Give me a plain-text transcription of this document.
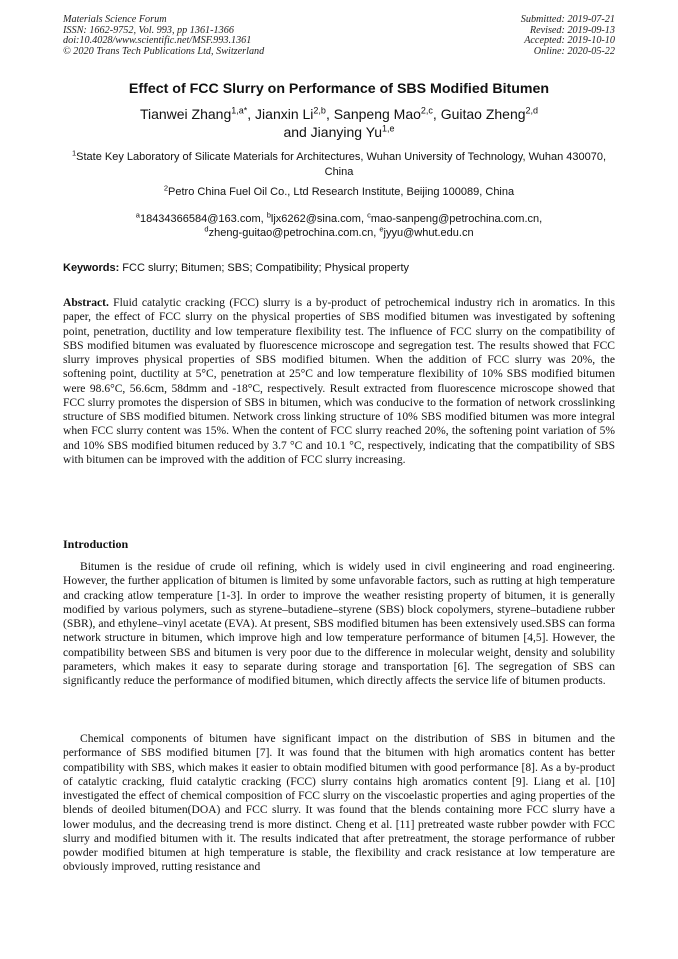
Materials Science Forum
ISSN: 1662-9752, Vol. 993, pp 1361-1366
doi:10.4028/www.scientific.net/MSF.993.1361
© 2020 Trans Tech Publications Ltd, Switzerland
Submitted: 2019-07-21
Revised: 2019-09-13
Accepted: 2019-10-10
Online: 2020-05-22
Effect of FCC Slurry on Performance of SBS Modified Bitumen
Tianwei Zhang$^{1,a*}$, Jianxin Li$^{2,b}$, Sanpeng Mao$^{2,c}$, Guitao Zheng$^{2,d}$
and Jianying Yu$^{1,e}$
$^1$State Key Laboratory of Silicate Materials for Architectures, Wuhan University of Technology, Wuhan 430070, China
$^2$Petro China Fuel Oil Co., Ltd Research Institute, Beijing 100089, China
$^a$18434366584@163.com, $^b$ljx6262@sina.com, $^c$mao-sanpeng@petrochina.com.cn,
$^d$zheng-guitao@petrochina.com.cn, $^e$jyyu@whut.edu.cn
Keywords: FCC slurry; Bitumen; SBS; Compatibility; Physical property
Abstract. Fluid catalytic cracking (FCC) slurry is a by-product of petrochemical industry rich in aromatics. In this paper, the effect of FCC slurry on the physical properties of SBS modified bitumen was investigated by softening point, penetration, ductility and low temperature flexibility test. The influence of FCC slurry on the compatibility of SBS modified bitumen was evaluated by fluorescence microscope and segregation test. The results showed that FCC slurry improves physical properties of SBS modified bitumen. When the addition of FCC slurry was 20%, the softening point, ductility at 5°C, penetration at 25°C and low temperature flexibility of 10% SBS modified bitumen were 98.6°C, 56.6cm, 58dmm and -18°C, respectively. Result extracted from fluorescence microscope showed that FCC slurry promotes the dispersion of SBS in bitumen, which was conducive to the formation of network crosslinking structure of SBS modified bitumen. Network cross linking structure of 10% SBS modified bitumen was more integral when FCC slurry content was 15%. When the content of FCC slurry reached 20%, the softening point variation of 5% and 10% SBS modified bitumen reduced by 3.7 °C and 10.1 °C, respectively, indicating that the compatibility of SBS with bitumen can be improved with the addition of FCC slurry increasing.
Introduction
Bitumen is the residue of crude oil refining, which is widely used in civil engineering and road engineering. However, the further application of bitumen is limited by some unfavorable factors, such as rutting at high temperature and cracking atlow temperature [1-3]. In order to improve the weather resisting property of bitumen, it is generally modified by various polymers, such as styrene–butadiene–styrene (SBS) block copolymers, styrene–butadiene rubber (SBR), and ethylene–vinyl acetate (EVA). At present, SBS modified bitumen has been extensively used.SBS can forma network structure in bitumen, which improve high and low temperature performance of bitumen [4,5]. However, the compatibility between SBS and bitumen is very poor due to the difference in molecular weight, density and solubility parameters, which makes it easy to separate during storage and transportation [6]. The segregation of SBS can significantly reduce the performance of modified bitumen, which directly affects the service life of bitumen products.
Chemical components of bitumen have significant impact on the distribution of SBS in bitumen and the performance of SBS modified bitumen [7]. It was found that the bitumen with high aromatics content has better compatibility with SBS, which makes it easier to obtain modified bitumen with good performance [8]. As a by-product of catalytic cracking, fluid catalytic cracking (FCC) slurry contains high aromatics content [9]. Liang et al. [10] investigated the effect of chemical composition of FCC slurry on the viscoelastic properties and aging properties of the blends of deoiled bitumen(DOA) and FCC slurry. It was found that the blends containing more FCC slurry have a lower modulus, and the decreasing trend is more distinct. Cheng et al. [11] pretreated waste rubber powder with FCC slurry and modified bitumen with it. The results indicated that after pretreatment, the storage performance of rubber powder modified bitumen at high temperature is stable, the flexibility and crack resistance at low temperature are obviously improved, rutting resistance and
